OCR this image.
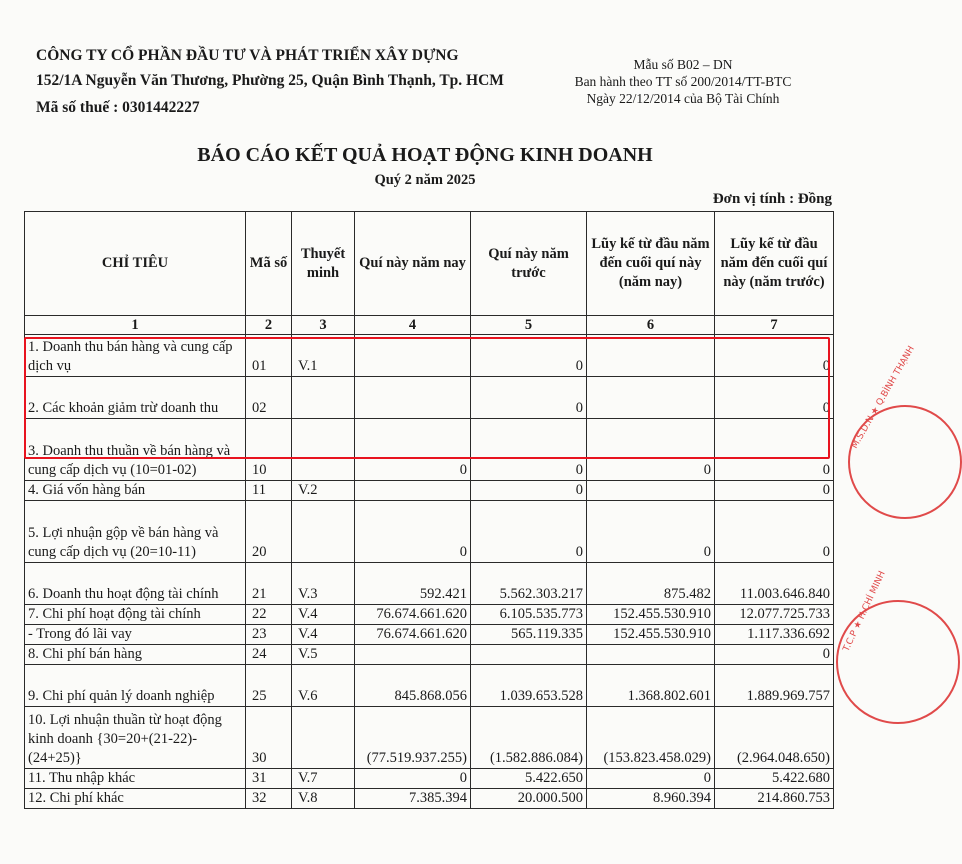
CÔNG TY CỔ PHẦN ĐẦU TƯ VÀ PHÁT TRIỂN XÂY DỰNG
152/1A Nguyễn Văn Thương, Phường 25, Quận Bình Thạnh, Tp. HCM
Mã số thuế : 0301442227
Mẫu số B02 – DN
Ban hành theo TT số 200/2014/TT-BTC
Ngày 22/12/2014 của Bộ Tài Chính
BÁO CÁO KẾT QUẢ HOẠT ĐỘNG KINH DOANH
Quý 2 năm 2025
Đơn vị tính : Đồng
CHỈ TIÊU	Mã số	Thuyết minh	Quí này năm nay	Quí này năm trước	Lũy kế từ đầu năm đến cuối quí này (năm nay)	Lũy kế từ đầu năm đến cuối quí này (năm trước)
1	2	3	4	5	6	7
1. Doanh thu bán hàng và cung cấp dịch vụ	01	V.1		0		0
2. Các khoản giảm trừ doanh thu	02			0		0
3. Doanh thu thuần về bán hàng và cung cấp dịch vụ (10=01-02)	10		0	0	0	0
4. Giá vốn hàng bán	11	V.2		0		0
5. Lợi nhuận gộp về bán hàng và cung cấp dịch vụ (20=10-11)	20		0	0	0	0
6. Doanh thu hoạt động tài chính	21	V.3	592.421	5.562.303.217	875.482	11.003.646.840
7. Chi phí hoạt động tài chính	22	V.4	76.674.661.620	6.105.535.773	152.455.530.910	12.077.725.733
- Trong đó lãi vay	23	V.4	76.674.661.620	565.119.335	152.455.530.910	1.117.336.692
8. Chi phí bán hàng	24	V.5				0
9. Chi phí quản lý doanh nghiệp	25	V.6	845.868.056	1.039.653.528	1.368.802.601	1.889.969.757
10. Lợi nhuận thuần từ hoạt động kinh doanh {30=20+(21-22)-(24+25)}	30		(77.519.937.255)	(1.582.886.084)	(153.823.458.029)	(2.964.048.650)
11. Thu nhập khác	31	V.7	0	5.422.650	0	5.422.680
12. Chi phí khác	32	V.8	7.385.394	20.000.500	8.960.394	214.860.753
M.S.D.N ★ Q.BÌNH THẠNH
T.C.P ★ H.CHÍ MINH
